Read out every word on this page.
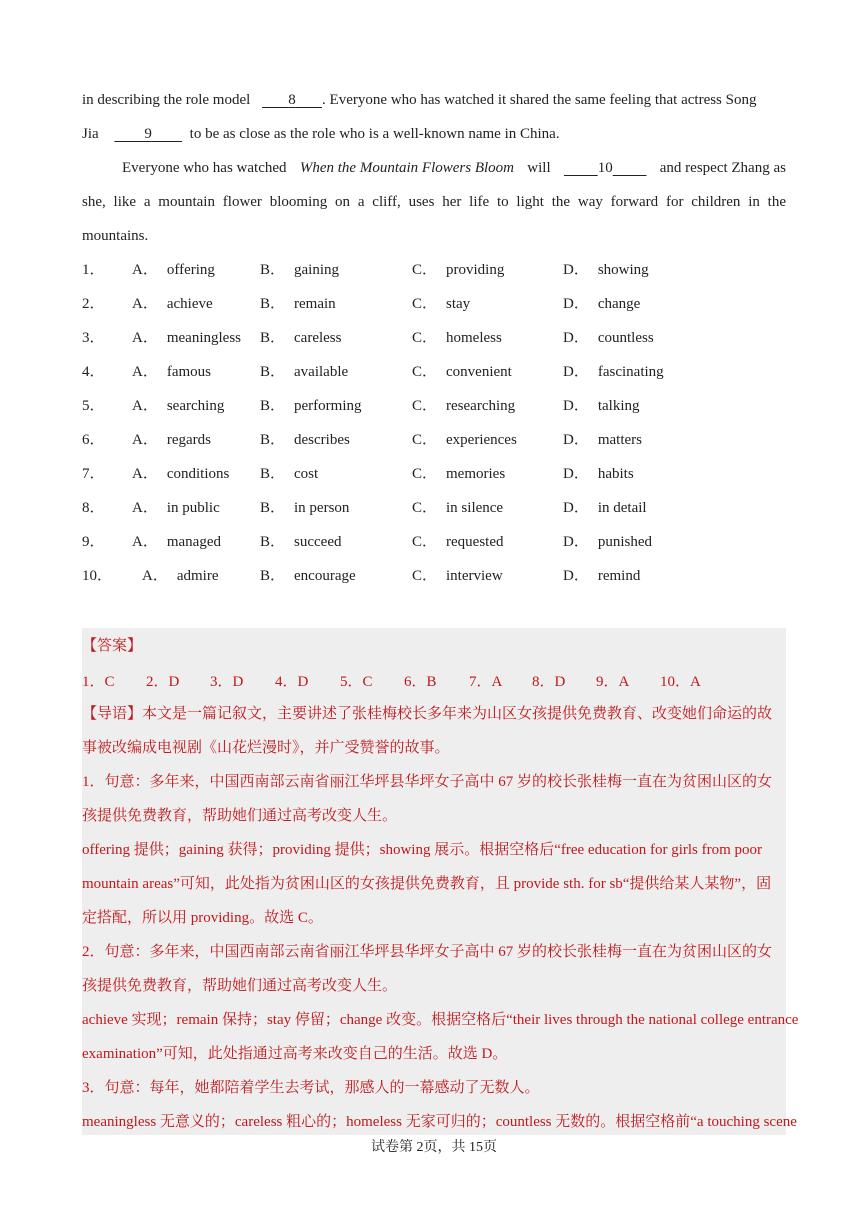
in describing the role model	8 . Everyone who has watched it shared the same feeling that actress Song
Jia	9	to be as close as the role who is a well-known name in China.
Everyone who has watched When the Mountain Flowers Bloom will	10	and respect Zhang as
she, like a mountain flower blooming on a cliff, uses her life to light the way forward for children in the
mountains.
1． A． offering	B． gaining	C． providing	D． showing
2． A． achieve	B． remain	C． stay	D． change
3． A． meaningless B． careless	C． homeless	D． countless
4． A． famous	B． available	C． convenient	D． fascinating
5． A． searching B． performing	C． researching	D． talking
6． A． regards	B． describes	C． experiences	D． matters
7． A． conditions B． cost	C． memories	D． habits
8． A． in public	B． in person	C． in silence	D． in detail
9． A． managed	B． succeed	C． requested	D． punished
10． A． admire	B． encourage	C． interview	D． remind
【答案】
1．C 2．D 3．D 4．D 5．C 6．B 7．A 8．D 9．A 10．A
【导语】本文是一篇记叙文，主要讲述了张桂梅校长多年来为山区女孩提供免费教育、改变她们命运的故
事被改编成电视剧《山花烂漫时》，并广受赞誉的故事。
1．句意：多年来，中国西南部云南省丽江华坪县华坪女子高中 67 岁的校长张桂梅一直在为贫困山区的女
孩提供免费教育，帮助她们通过高考改变人生。
offering 提供；gaining 获得；providing 提供；showing 展示。根据空格后“free education for girls from poor
mountain areas”可知，此处指为贫困山区的女孩提供免费教育，且 provide sth. for sb“提供给某人某物”，固
定搭配，所以用 providing。故选 C。
2．句意：多年来，中国西南部云南省丽江华坪县华坪女子高中 67 岁的校长张桂梅一直在为贫困山区的女
孩提供免费教育，帮助她们通过高考改变人生。
achieve 实现；remain 保持；stay 停留；change 改变。根据空格后“their lives through the national college entrance
examination”可知，此处指通过高考来改变自己的生活。故选 D。
3．句意：每年，她都陪着学生去考试，那感人的一幕感动了无数人。
meaningless 无意义的；careless 粗心的；homeless 无家可归的；countless 无数的。根据空格前“a touching scene
试卷第 2页，共 15页
